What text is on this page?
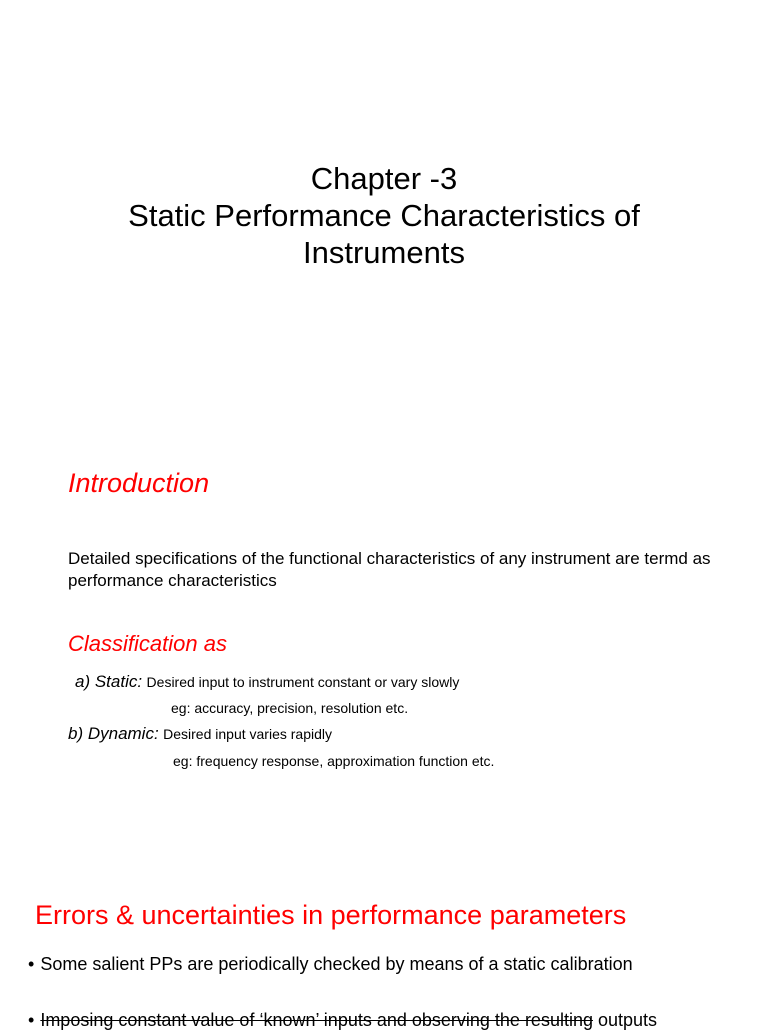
Chapter -3
Static Performance Characteristics of
Instruments
Introduction
Detailed specifications of the functional characteristics of any instrument are termd as performance characteristics
Classification as
a) Static: Desired input to instrument constant or vary slowly
eg: accuracy, precision, resolution etc.
b) Dynamic: Desired input varies rapidly
eg: frequency response, approximation function etc.
Errors & uncertainties in performance parameters
• Some salient PPs are periodically checked by means of a static calibration
• Imposing constant value of ‘known’ inputs and observing the resulting outputs
